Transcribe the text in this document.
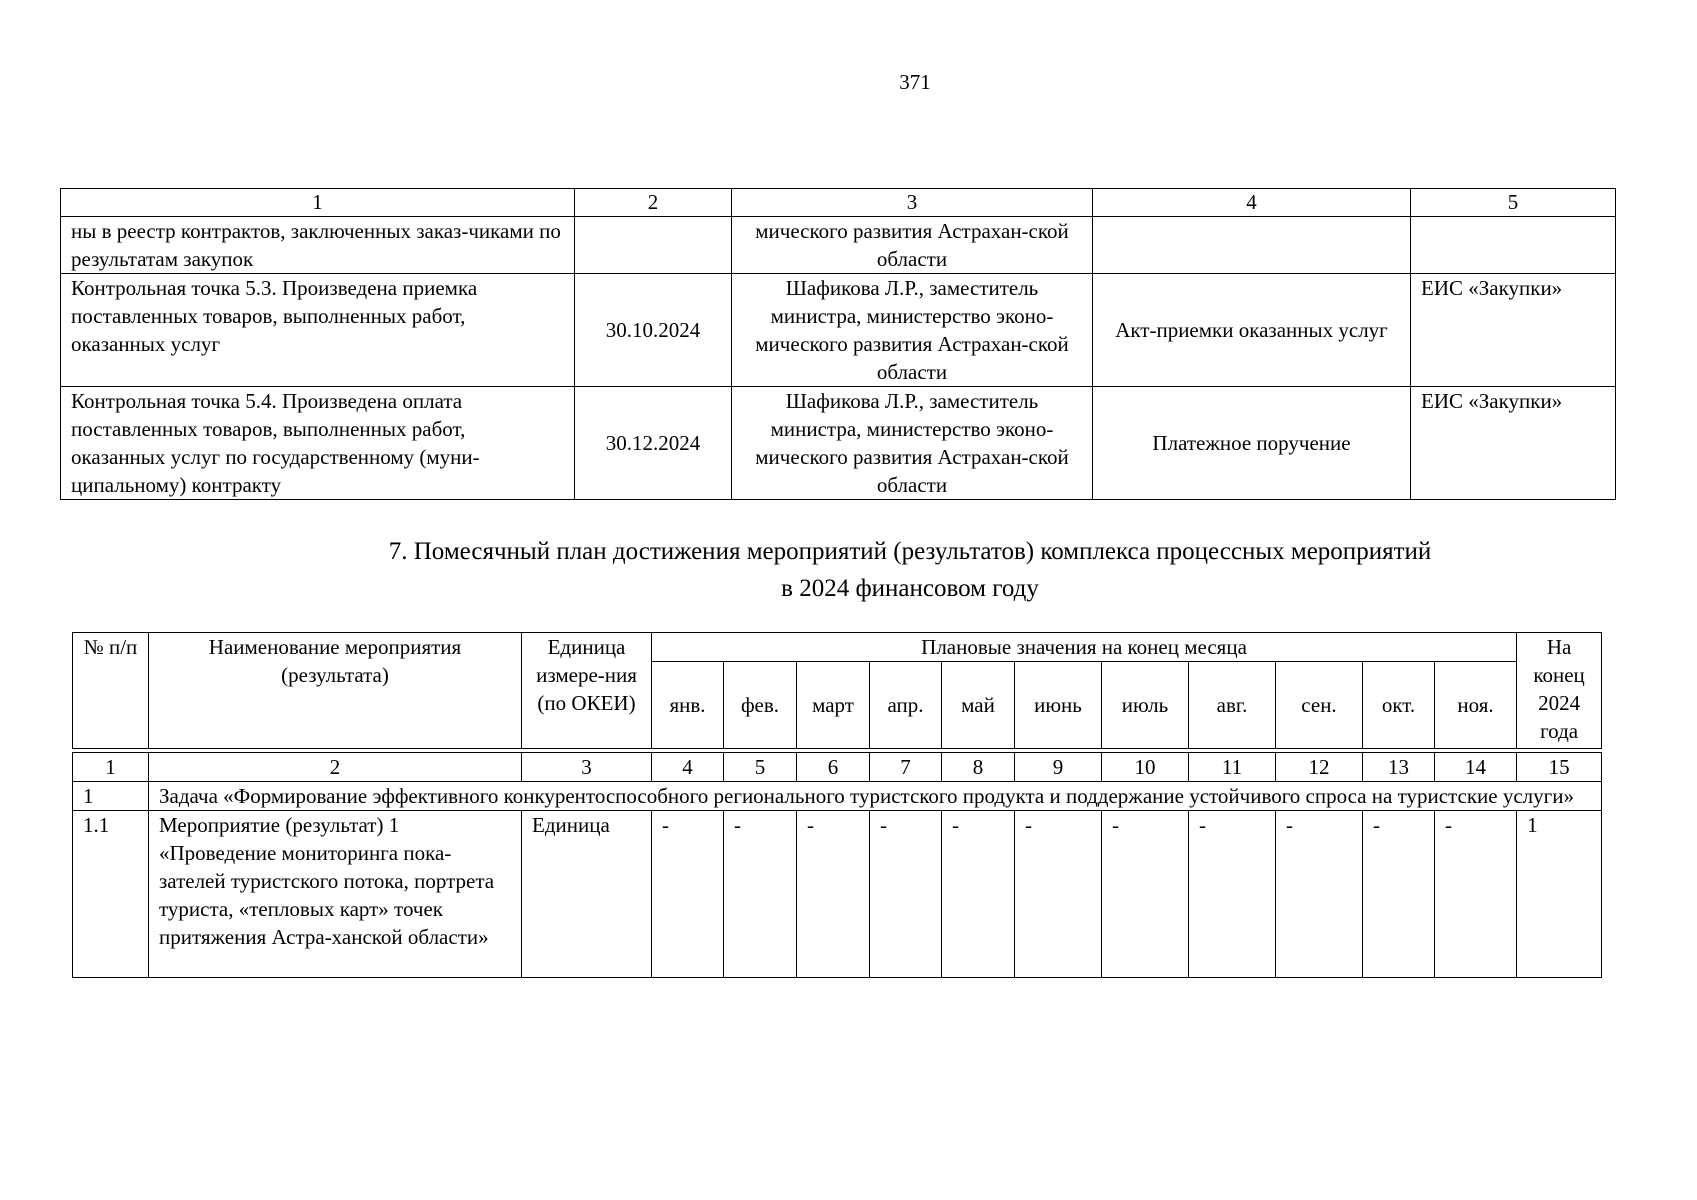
371
1	2	3	4	5
ны в реестр контрактов, заключенных заказ-чиками по результатам закупок		мического развития Астрахан-ской области		
Контрольная точка 5.3. Произведена приемка поставленных товаров, выполненных работ, оказанных услуг	30.10.2024	Шафикова Л.Р., заместитель министра, министерство эконо-мического развития Астрахан-ской области	Акт-приемки оказанных услуг	ЕИС «Закупки»
Контрольная точка 5.4. Произведена оплата поставленных товаров, выполненных работ, оказанных услуг по государственному (муни-ципальному) контракту	30.12.2024	Шафикова Л.Р., заместитель министра, министерство эконо-мического развития Астрахан-ской области	Платежное поручение	ЕИС «Закупки»
7. Помесячный план достижения мероприятий (результатов) комплекса процессных мероприятий
в 2024 финансовом году
№ п/п	Наименование мероприятия (результата)	Единица измере-ния (по ОКЕИ)	Плановые значения на конец месяца											На конец 2024 года
			янв.	фев.	март	апр.	май	июнь	июль	авг.	сен.	окт.	ноя.	

1	2	3	4	5	6	7	8	9	10	11	12	13	14	15
1	Задача «Формирование эффективного конкурентоспособного регионального туристского продукта и поддержание устойчивого спроса на туристские услуги»													
1.1	Мероприятие (результат) 1 «Проведение мониторинга пока-зателей туристского потока, портрета туриста, «тепловых карт» точек притяжения Астра-ханской области»	Единица	-	-	-	-	-	-	-	-	-	-	-	1
